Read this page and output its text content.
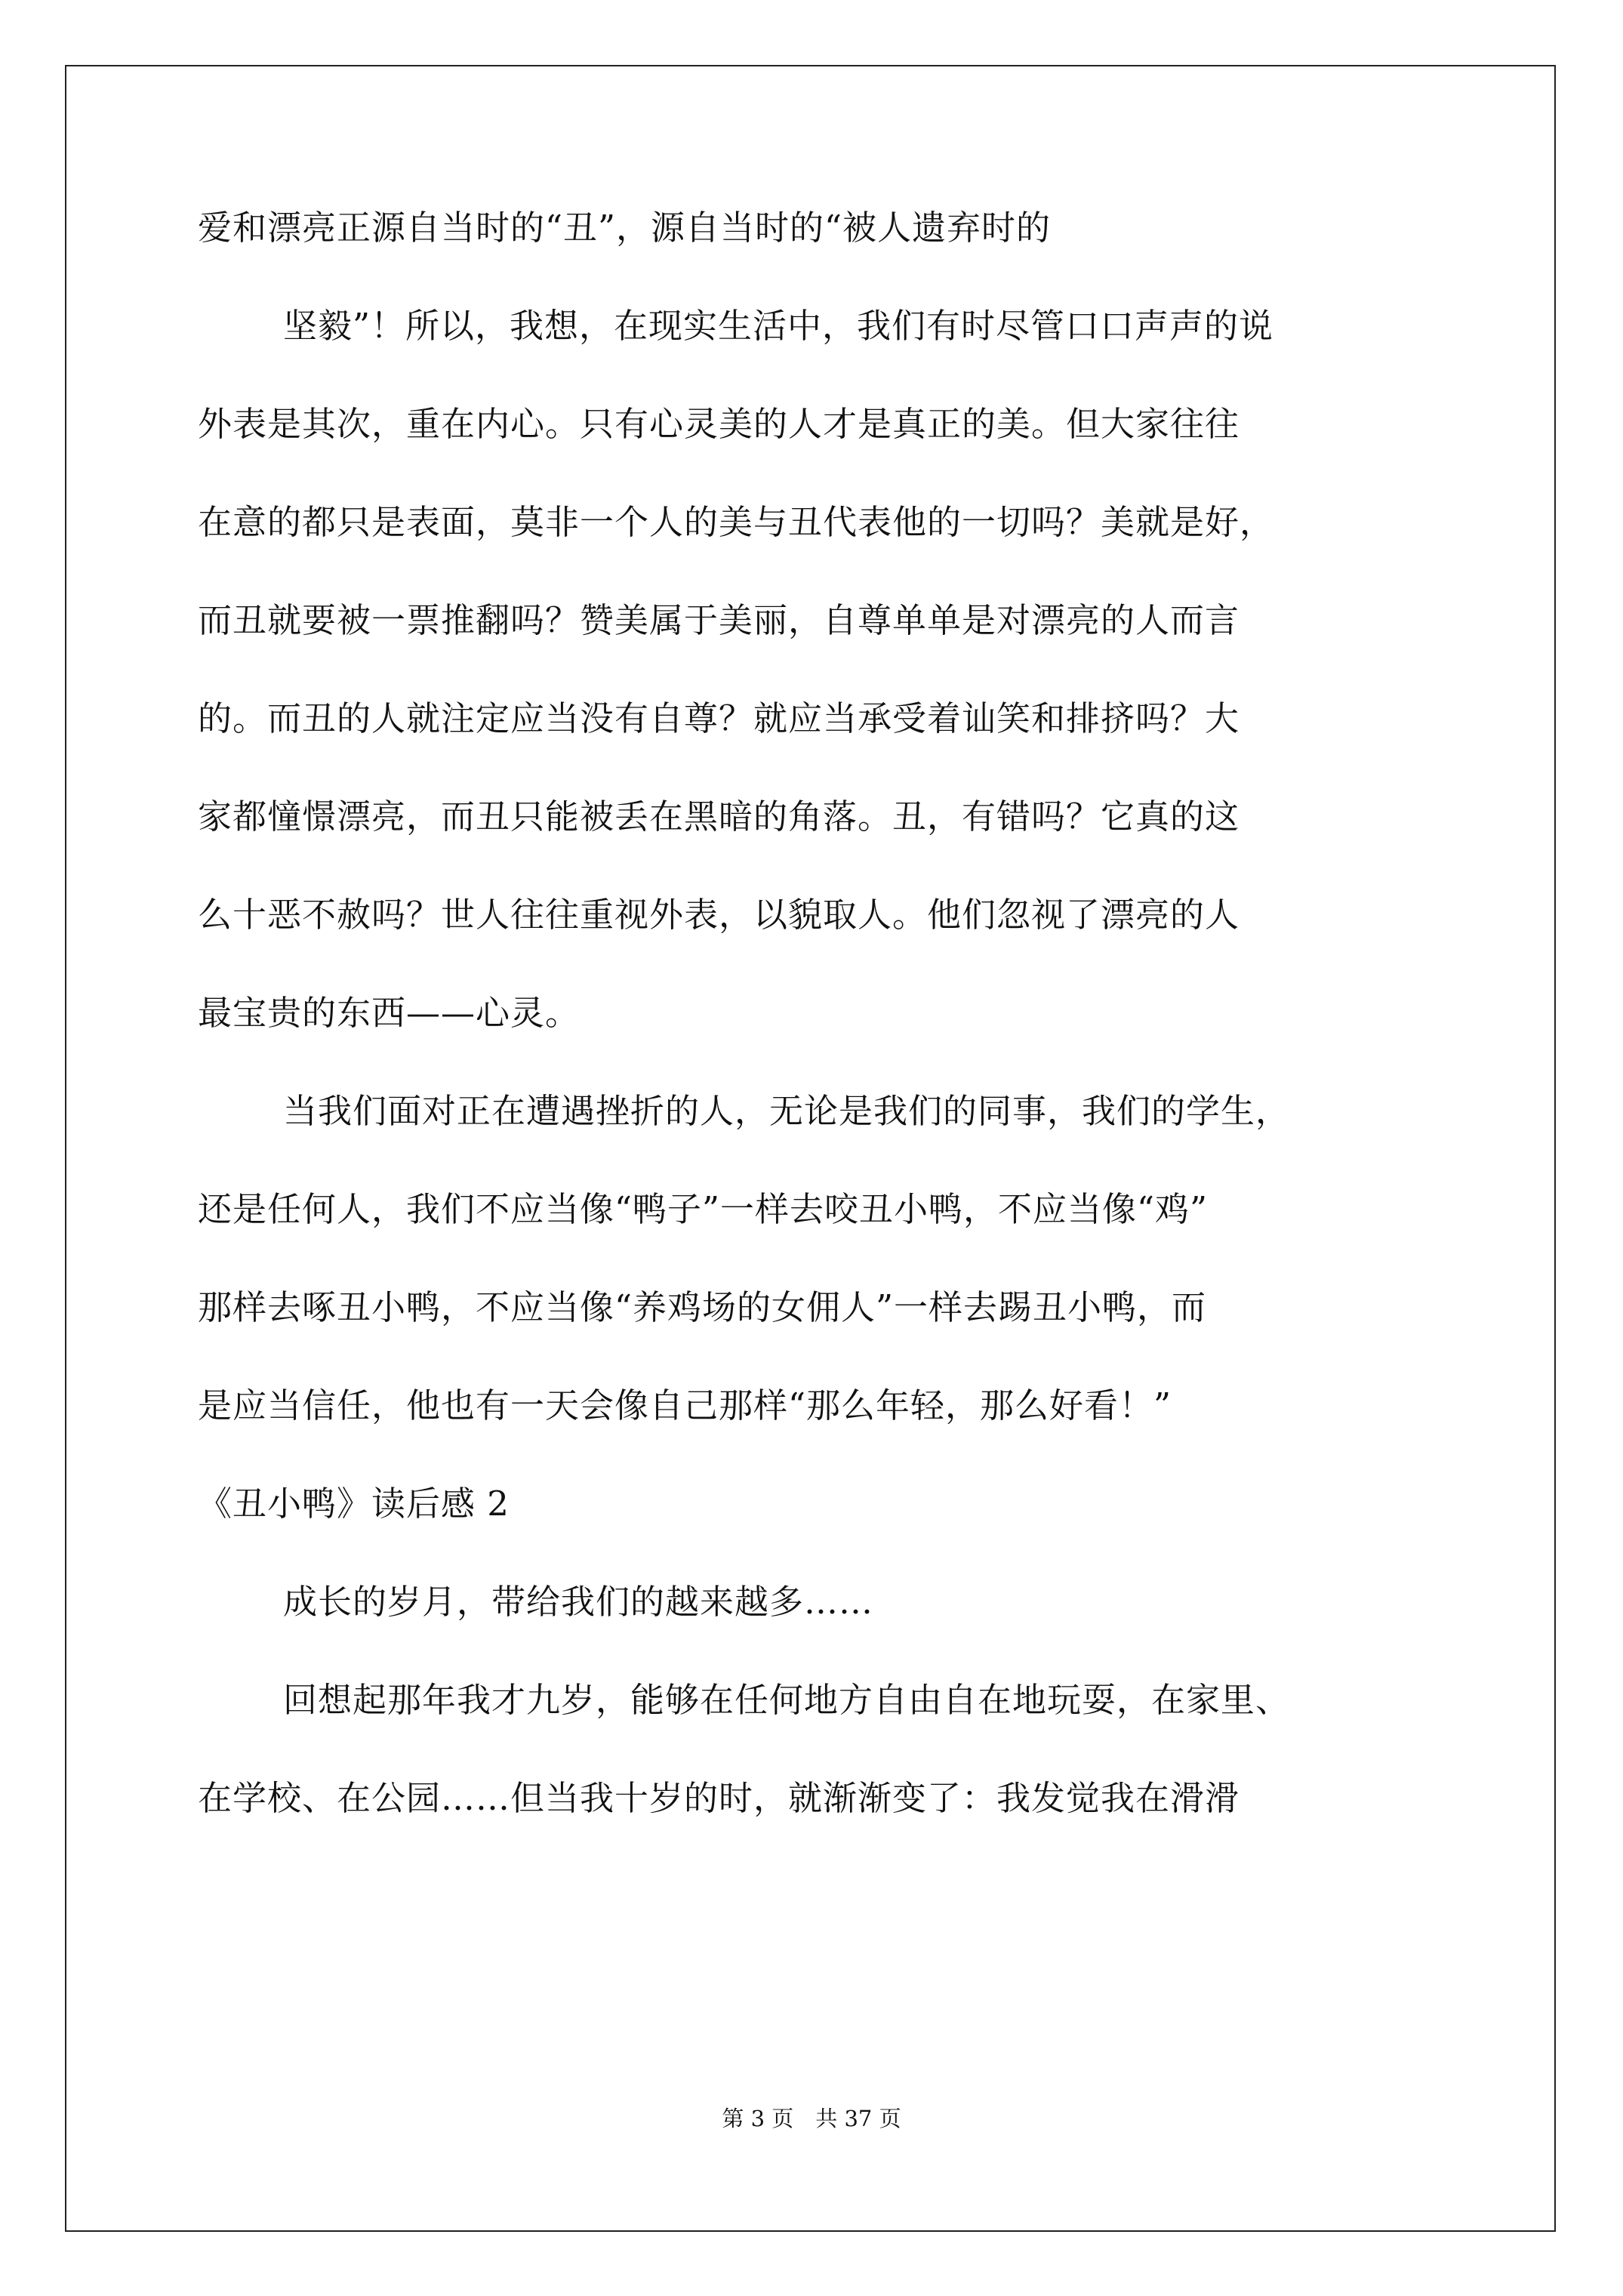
爱和漂亮正源自当时的“丑”，源自当时的“被人遗弃时的
坚毅”！所以，我想，在现实生活中，我们有时尽管口口声声的说
外表是其次，重在内心。只有心灵美的人才是真正的美。但大家往往
在意的都只是表面，莫非一个人的美与丑代表他的一切吗？美就是好，
而丑就要被一票推翻吗？赞美属于美丽，自尊单单是对漂亮的人而言
的。而丑的人就注定应当没有自尊？就应当承受着讪笑和排挤吗？大
家都憧憬漂亮，而丑只能被丢在黑暗的角落。丑，有错吗？它真的这
么十恶不赦吗？世人往往重视外表，以貌取人。他们忽视了漂亮的人
最宝贵的东西——心灵。
当我们面对正在遭遇挫折的人，无论是我们的同事，我们的学生，
还是任何人，我们不应当像“鸭子”一样去咬丑小鸭，不应当像“鸡”
那样去啄丑小鸭，不应当像“养鸡场的女佣人”一样去踢丑小鸭，而
是应当信任，他也有一天会像自己那样“那么年轻，那么好看！”
《丑小鸭》读后感 2
成长的岁月，带给我们的越来越多……
回想起那年我才九岁，能够在任何地方自由自在地玩耍，在家里、
在学校、在公园……但当我十岁的时，就渐渐变了：我发觉我在滑滑
第 3 页　共 37 页
